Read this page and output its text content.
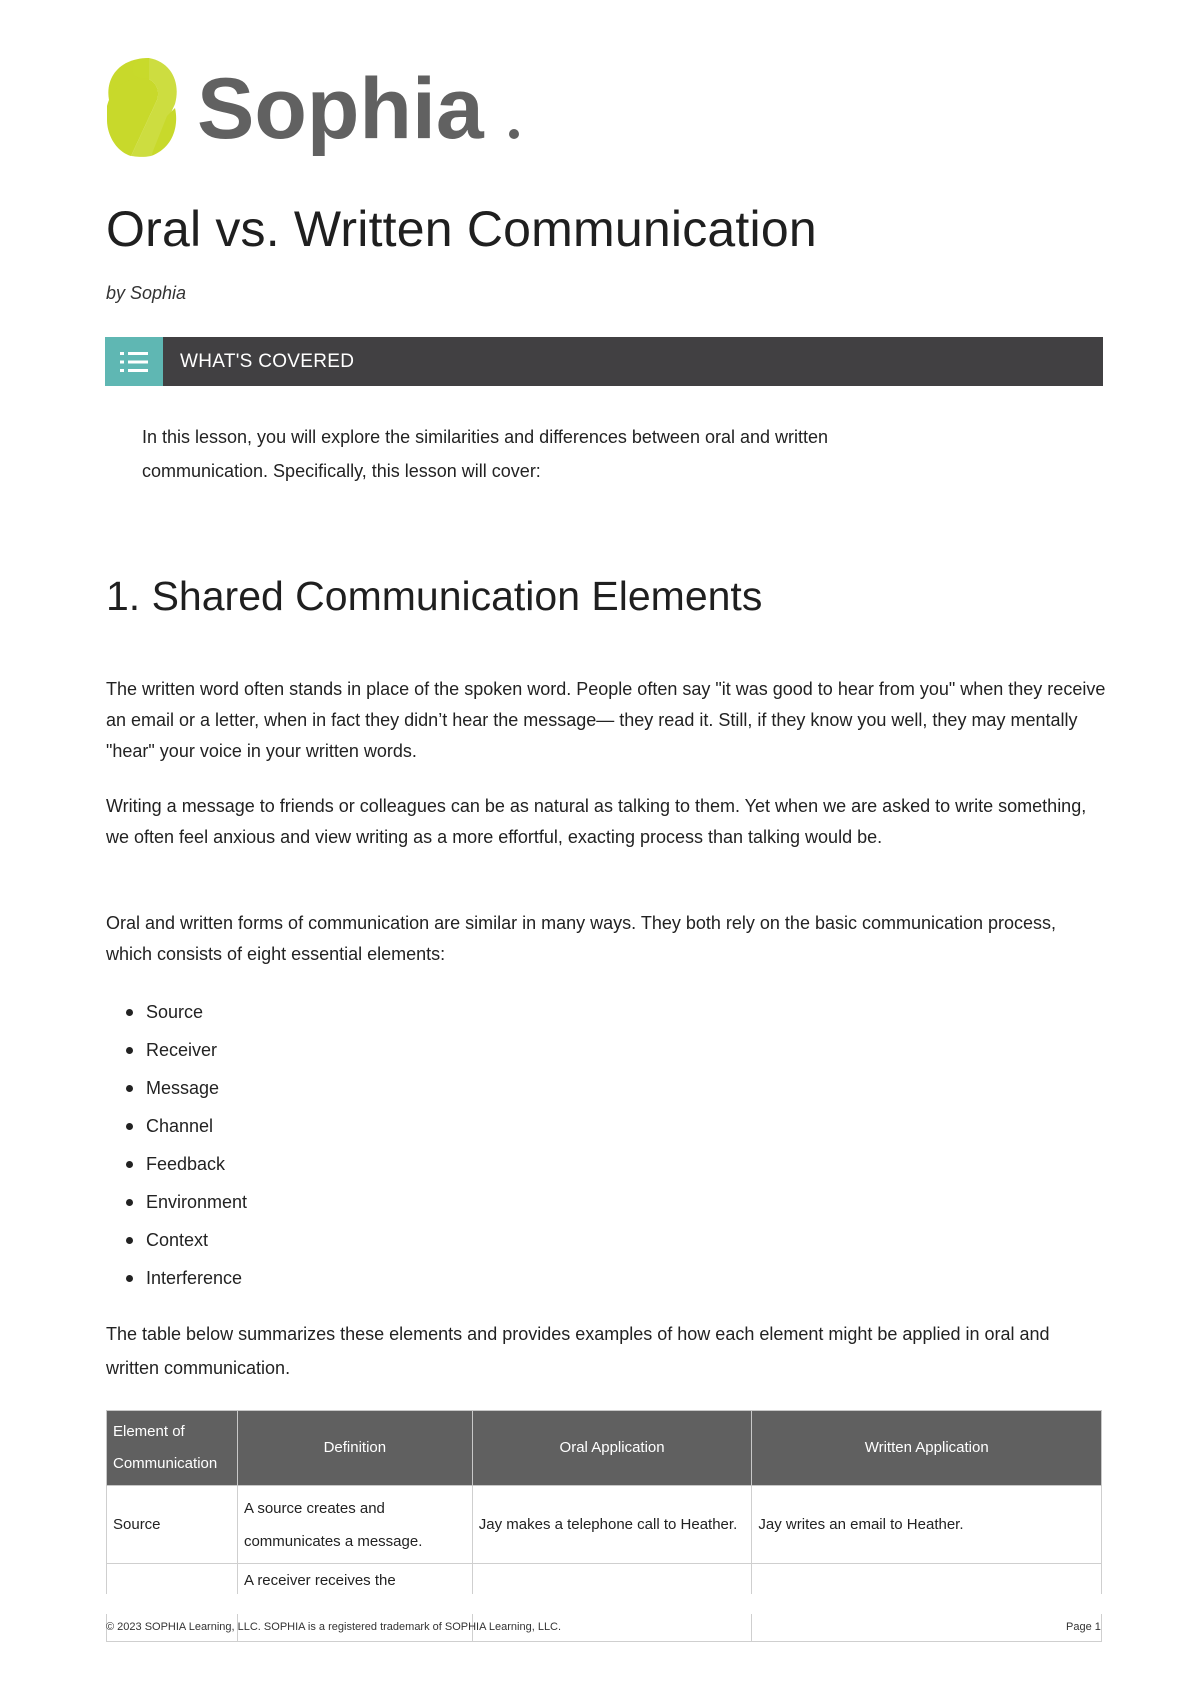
Sophia
Oral vs. Written Communication
by Sophia
WHAT'S COVERED

In this lesson, you will explore the similarities and differences between oral and written
communication. Specifically, this lesson will cover:

1. Shared Communication Elements

The written word often stands in place of the spoken word. People often say "it was good to hear from you" when they receive an email or a letter, when in fact they didn’t hear the message— they read it. Still, if they know you well, they may mentally "hear" your voice in your written words.

Writing a message to friends or colleagues can be as natural as talking to them. Yet when we are asked to write something, we often feel anxious and view writing as a more effortful, exacting process than talking would be.

Oral and written forms of communication are similar in many ways. They both rely on the basic communication process, which consists of eight essential elements:

Source
Receiver
Message
Channel
Feedback
Environment
Context
Interference

The table below summarizes these elements and provides examples of how each element might be applied in oral and written communication.

Element of Communication	Definition	Oral Application	Written Application
Source	A source creates and communicates a message.	Jay makes a telephone call to Heather.	Jay writes an email to Heather.
	A receiver receives the		
© 2023 SOPHIA Learning, LLC. SOPHIA is a registered trademark of SOPHIA Learning, LLC.	Page 1
